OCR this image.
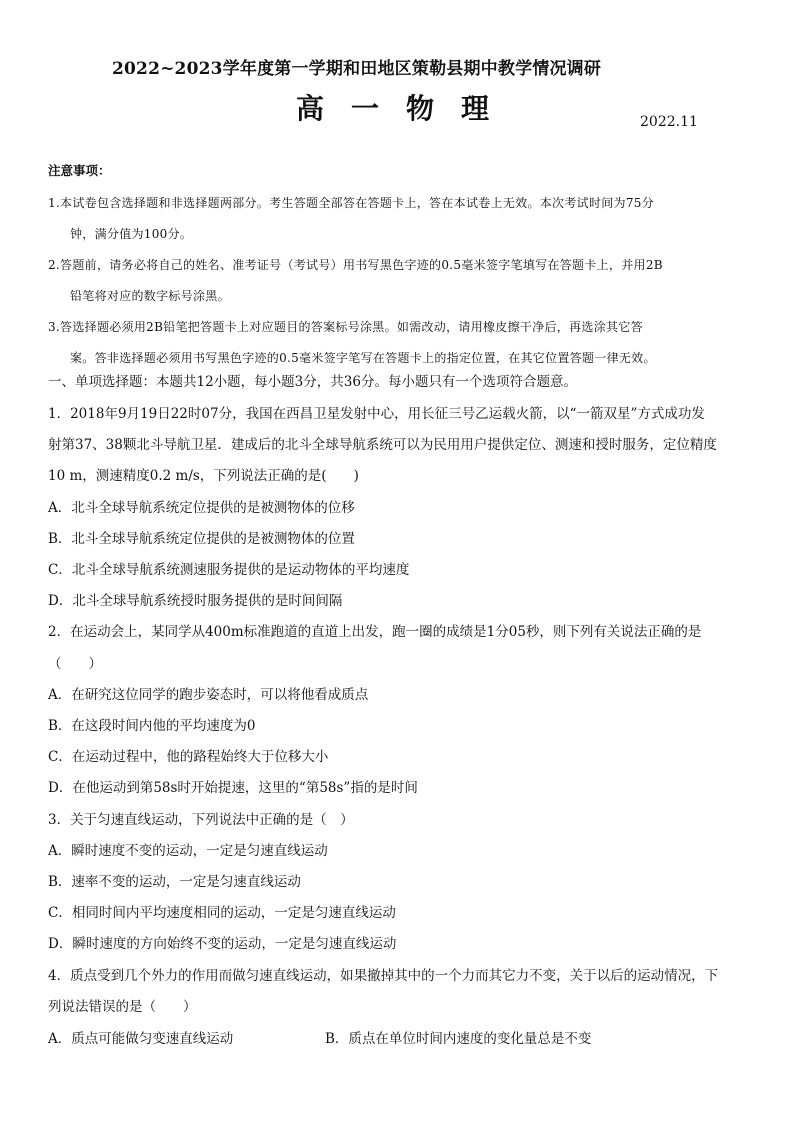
2022~2023学年度第一学期和田地区策勒县期中教学情况调研
高一物理	2022.11
注意事项：
1.本试卷包含选择题和非选择题两部分。考生答题全部答在答题卡上，答在本试卷上无效。本次考试时间为75分
钟，满分值为100分。
2.答题前，请务必将自己的姓名、准考证号（考试号）用书写黑色字迹的0.5毫米签字笔填写在答题卡上，并用2B
铅笔将对应的数字标号涂黑。
3.答选择题必须用2B铅笔把答题卡上对应题目的答案标号涂黑。如需改动，请用橡皮擦干净后，再选涂其它答
案。答非选择题必须用书写黑色字迹的0.5毫米签字笔写在答题卡上的指定位置，在其它位置答题一律无效。
一、单项选择题：本题共12小题，每小题3分，共36分。每小题只有一个选项符合题意。
1．2018年9月19日22时07分，我国在西昌卫星发射中心，用长征三号乙运载火箭，以“一箭双星”方式成功发
射第37、38颗北斗导航卫星．建成后的北斗全球导航系统可以为民用用户提供定位、测速和授时服务，定位精度
10 m，测速精度0.2 m/s，下列说法正确的是(　　)
A．北斗全球导航系统定位提供的是被测物体的位移
B．北斗全球导航系统定位提供的是被测物体的位置
C．北斗全球导航系统测速服务提供的是运动物体的平均速度
D．北斗全球导航系统授时服务提供的是时间间隔
2．在运动会上，某同学从400m标准跑道的直道上出发，跑一圈的成绩是1分05秒，则下列有关说法正确的是
（　　）
A．在研究这位同学的跑步姿态时，可以将他看成质点
B．在这段时间内他的平均速度为0
C．在运动过程中，他的路程始终大于位移大小
D．在他运动到第58s时开始提速，这里的“第58s”指的是时间
3．关于匀速直线运动，下列说法中正确的是（　）
A．瞬时速度不变的运动，一定是匀速直线运动
B．速率不变的运动，一定是匀速直线运动
C．相同时间内平均速度相同的运动，一定是匀速直线运动
D．瞬时速度的方向始终不变的运动，一定是匀速直线运动
4．质点受到几个外力的作用而做匀速直线运动，如果撤掉其中的一个力而其它力不变，关于以后的运动情况，下
列说法错误的是（　　）
A．质点可能做匀变速直线运动	B．质点在单位时间内速度的变化量总是不变
